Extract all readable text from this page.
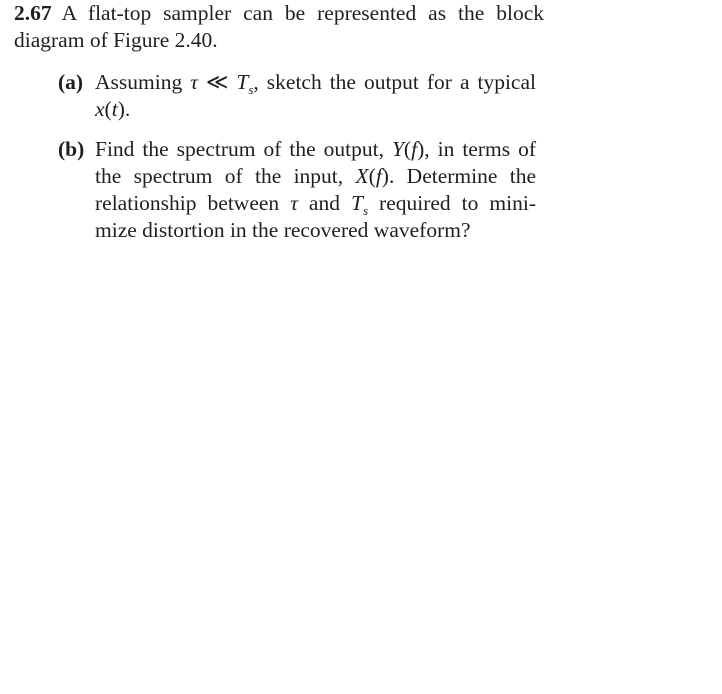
2.67 A flat-top sampler can be represented as the block
diagram of Figure 2.40.
(a) Assuming τ ≪ $T_s$, sketch the output for a typical
x(t).
(b) Find the spectrum of the output, Y(f), in terms of
the spectrum of the input, X(f). Determine the
relationship between τ and $T_s$ required to mini-
mize distortion in the recovered waveform?
